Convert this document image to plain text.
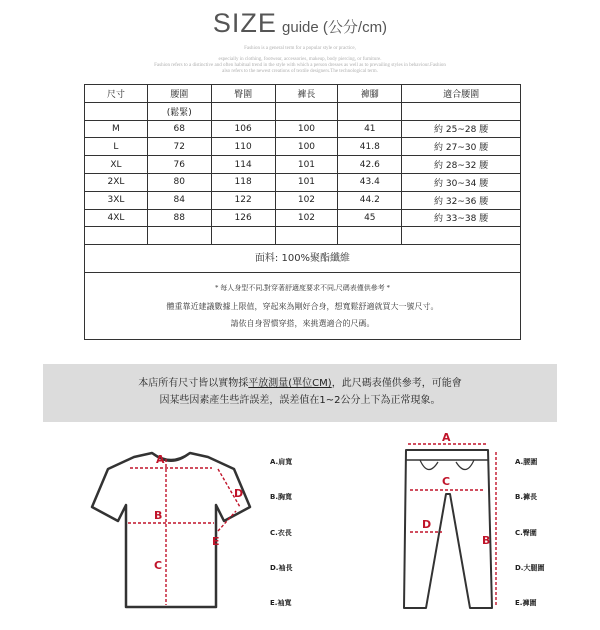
SIZE guide (公分/cm)
Fashion is a general term for a popular style or practice,
especially in clothing, footwear, accessories, makeup, body piercing, or furniture.
Fashion refers to a distinctive and often habitual trend in the style with which a person dresses as well as to prevailing styles in behaviour.Fashion
also refers to the newest creations of textile designers.The technological term.
尺寸	腰圍	臀圍	褲長	褲腳	適合腰圍
	(鬆緊)				
M	68	106	100	41	約 25~28 腰
L	72	110	100	41.8	約 27~30 腰
XL	76	114	101	42.6	約 28~32 腰
2XL	80	118	101	43.4	約 30~34 腰
3XL	84	122	102	44.2	約 32~36 腰
4XL	88	126	102	45	約 33~38 腰

面料: 100%聚酯纖維
* 每人身型不同,對穿著舒適度要求不同,尺碼表僅供參考 *
體重靠近建議數據上限值，穿起來為剛好合身，想寬鬆舒適就買大一號尺寸。
請依自身習慣穿搭，來挑選適合的尺碼。					
本店所有尺寸皆以實物採平放測量(單位CM)，此尺碼表僅供參考，可能會
因某些因素產生些許誤差，誤差值在1~2公分上下為正常現象。
A
B
C
D
E
A.肩寬
B.胸寬
C.衣長
D.袖長
E.袖寬
A
C
D
B
A.腰圍
B.褲長
C.臀圍
D.大腿圍
E.褲圍
